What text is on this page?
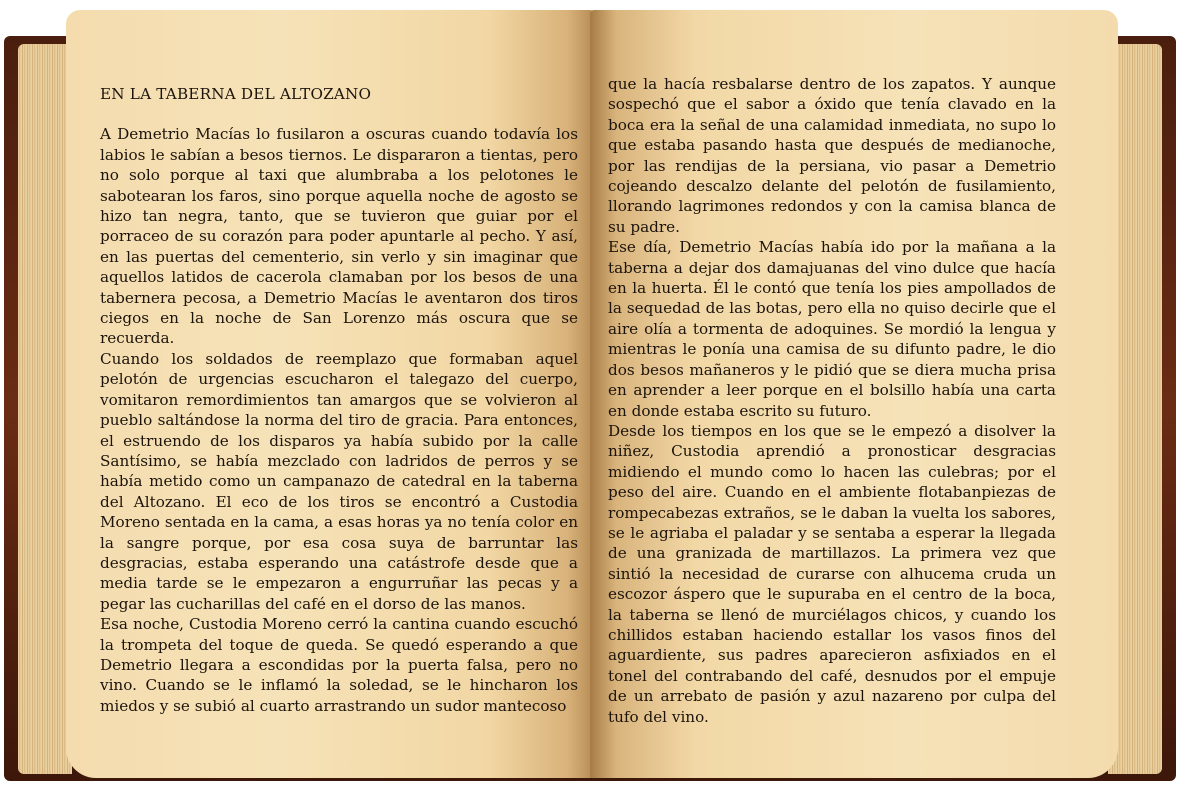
EN LA TABERNA DEL ALTOZANO
A Demetrio Macías lo fusilaron a oscuras cuando todavía los labios le sabían a besos tiernos. Le dispararon a tientas, pero no solo porque al taxi que alumbraba a los pelotones le sabotearan los faros, sino porque aquella noche de agosto se hizo tan negra, tanto, que se tuvieron que guiar por el porraceo de su corazón para poder apuntarle al pecho. Y así, en las puertas del cementerio, sin verlo y sin imaginar que aquellos latidos de cacerola clamaban por los besos de una tabernera pecosa, a Demetrio Macías le aventaron dos tiros ciegos en la noche de San Lorenzo más oscura que se recuerda.
Cuando los soldados de reemplazo que formaban aquel pelotón de urgencias escucharon el talegazo del cuerpo, vomitaron remordimientos tan amargos que se volvieron al pueblo saltándose la norma del tiro de gracia. Para entonces, el estruendo de los disparos ya había subido por la calle Santísimo, se había mezclado con ladridos de perros y se había metido como un campanazo de catedral en la taberna del Altozano. El eco de los tiros se encontró a Custodia Moreno sentada en la cama, a esas horas ya no tenía color en la sangre porque, por esa cosa suya de barruntar las desgracias, estaba esperando una catástrofe desde que a media tarde se le empezaron a engurruñar las pecas y a pegar las cucharillas del café en el dorso de las manos.
Esa noche, Custodia Moreno cerró la cantina cuando escuchó la trompeta del toque de queda. Se quedó esperando a que Demetrio llegara a escondidas por la puerta falsa, pero no vino. Cuando se le inflamó la soledad, se le hincharon los miedos y se subió al cuarto arrastrando un sudor mantecoso
que la hacía resbalarse dentro de los zapatos. Y aunque sospechó que el sabor a óxido que tenía clavado en la boca era la señal de una calamidad inmediata, no supo lo que estaba pasando hasta que después de medianoche, por las rendijas de la persiana, vio pasar a Demetrio cojeando descalzo delante del pelotón de fusilamiento, llorando lagrimones redondos y con la camisa blanca de su padre.
Ese día, Demetrio Macías había ido por la mañana a la taberna a dejar dos damajuanas del vino dulce que hacía en la huerta. Él le contó que tenía los pies ampollados de la sequedad de las botas, pero ella no quiso decirle que el aire olía a tormenta de adoquines. Se mordió la lengua y mientras le ponía una camisa de su difunto padre, le dio dos besos mañaneros y le pidió que se diera mucha prisa en aprender a leer porque en el bolsillo había una carta en donde estaba escrito su futuro.
Desde los tiempos en los que se le empezó a disolver la niñez, Custodia aprendió a pronosticar desgracias midiendo el mundo como lo hacen las culebras; por el peso del aire. Cuando en el ambiente flotabanpiezas de rompecabezas extraños, se le daban la vuelta los sabores, se le agriaba el paladar y se sentaba a esperar la llegada de una granizada de martillazos. La primera vez que sintió la necesidad de curarse con alhucema cruda un escozor áspero que le supuraba en el centro de la boca, la taberna se llenó de murciélagos chicos, y cuando los chillidos estaban haciendo estallar los vasos finos del aguardiente, sus padres aparecieron asfixiados en el tonel del contrabando del café, desnudos por el empuje de un arrebato de pasión y azul nazareno por culpa del tufo del vino.
